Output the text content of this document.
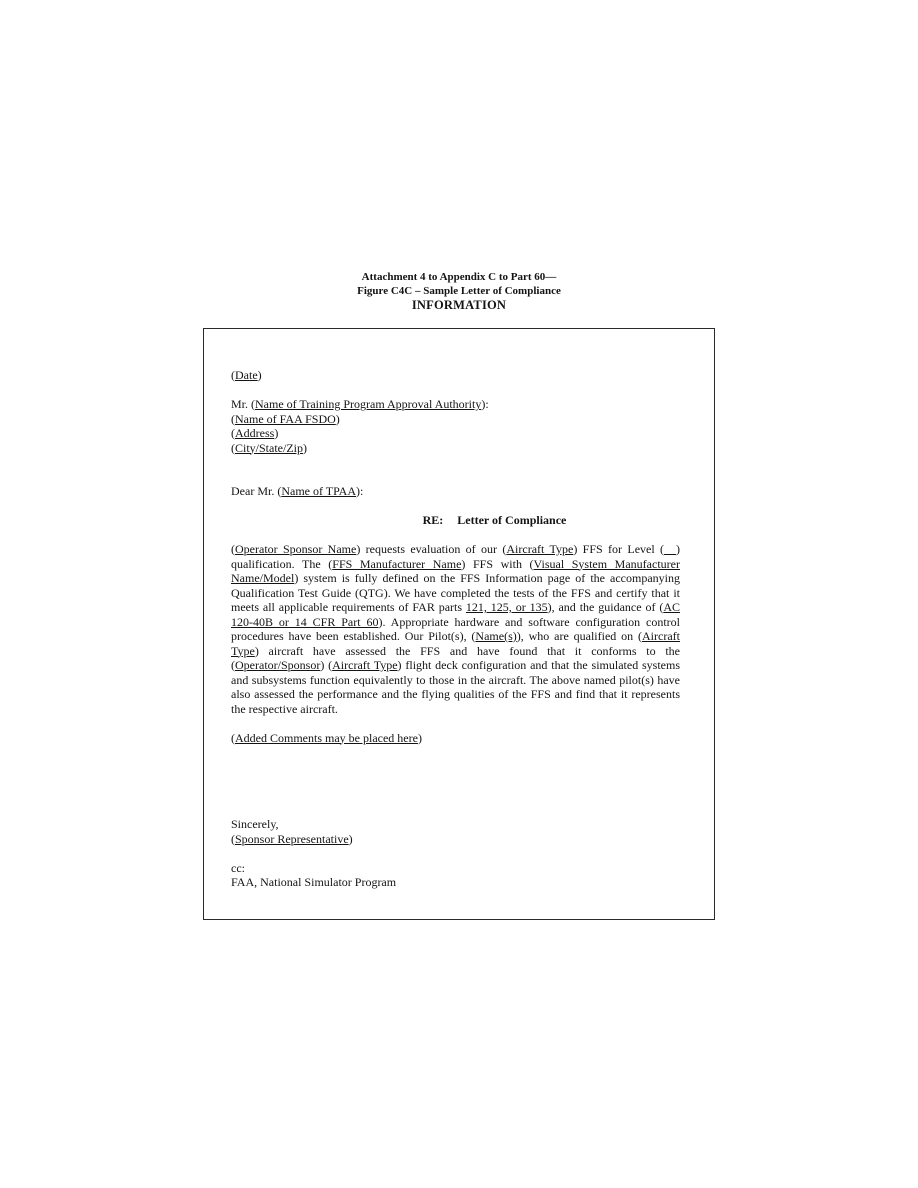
Attachment 4 to Appendix C to Part 60—
Figure C4C – Sample Letter of Compliance
INFORMATION
(Date)
Mr. (Name of Training Program Approval Authority):
(Name of FAA FSDO)
(Address)
(City/State/Zip)
Dear Mr. (Name of TPAA):
RE: Letter of Compliance
(Operator Sponsor Name) requests evaluation of our (Aircraft Type) FFS for Level (__) qualification. The (FFS Manufacturer Name) FFS with (Visual System Manufacturer Name/Model) system is fully defined on the FFS Information page of the accompanying Qualification Test Guide (QTG). We have completed the tests of the FFS and certify that it meets all applicable requirements of FAR parts 121, 125, or 135), and the guidance of (AC 120-40B or 14 CFR Part 60). Appropriate hardware and software configuration control procedures have been established. Our Pilot(s), (Name(s)), who are qualified on (Aircraft Type) aircraft have assessed the FFS and have found that it conforms to the (Operator/Sponsor) (Aircraft Type) flight deck configuration and that the simulated systems and subsystems function equivalently to those in the aircraft. The above named pilot(s) have also assessed the performance and the flying qualities of the FFS and find that it represents the respective aircraft.
(Added Comments may be placed here)
Sincerely,
(Sponsor Representative)
cc:
FAA, National Simulator Program
